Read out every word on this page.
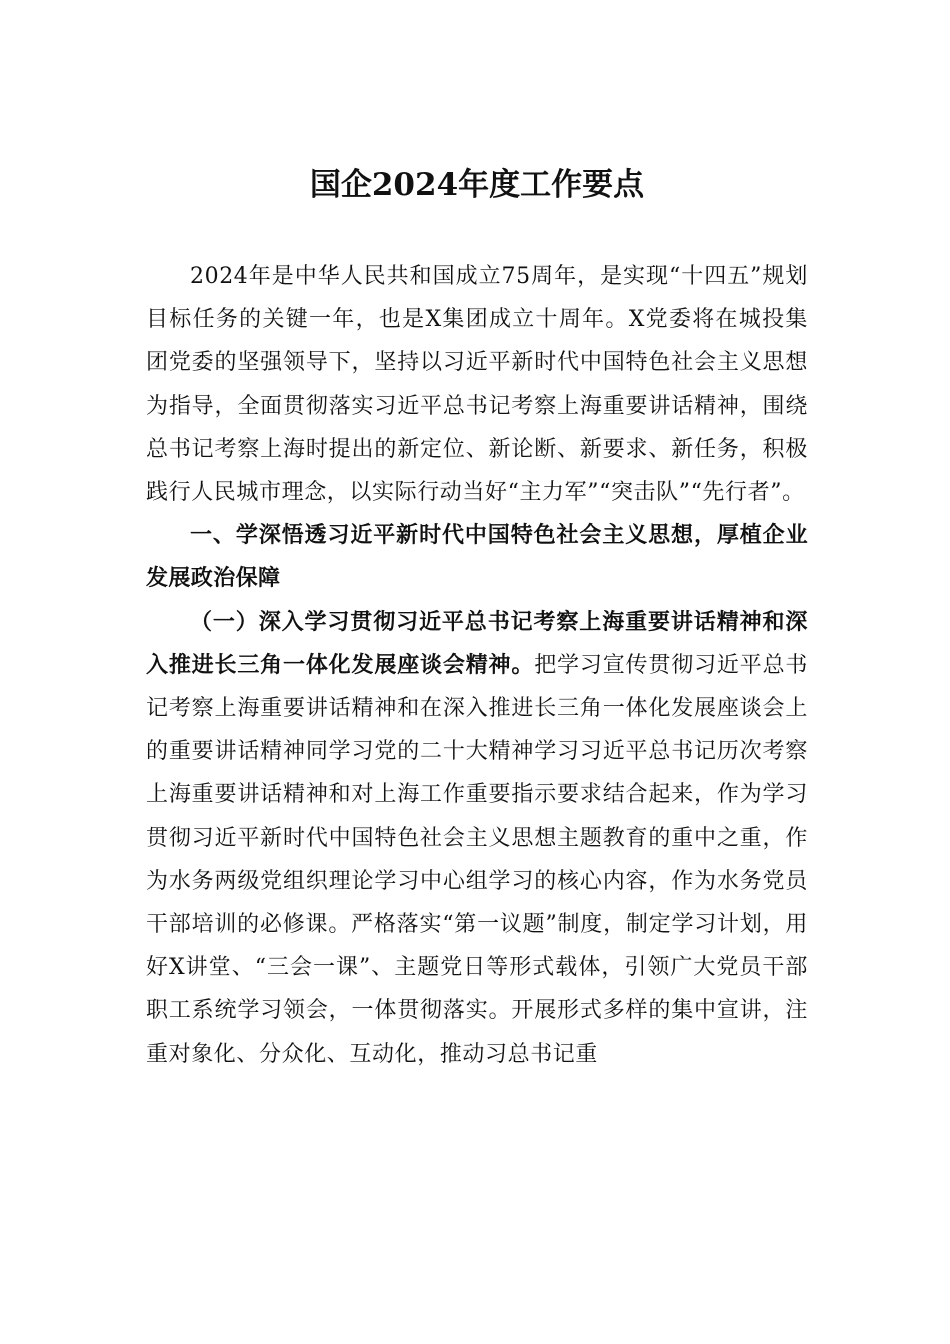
国企2024年度工作要点

2024年是中华人民共和国成立75周年，是实现“十四五”规划目标任务的关键一年，也是X集团成立十周年。X党委将在城投集团党委的坚强领导下，坚持以习近平新时代中国特色社会主义思想为指导，全面贯彻落实习近平总书记考察上海重要讲话精神，围绕总书记考察上海时提出的新定位、新论断、新要求、新任务，积极践行人民城市理念，以实际行动当好“主力军”“突击队”“先行者”。

一、学深悟透习近平新时代中国特色社会主义思想，厚植企业发展政治保障

（一）深入学习贯彻习近平总书记考察上海重要讲话精神和深入推进长三角一体化发展座谈会精神。把学习宣传贯彻习近平总书记考察上海重要讲话精神和在深入推进长三角一体化发展座谈会上的重要讲话精神同学习党的二十大精神学习习近平总书记历次考察上海重要讲话精神和对上海工作重要指示要求结合起来，作为学习贯彻习近平新时代中国特色社会主义思想主题教育的重中之重，作为水务两级党组织理论学习中心组学习的核心内容，作为水务党员干部培训的必修课。严格落实“第一议题”制度，制定学习计划，用好X讲堂、“三会一课”、主题党日等形式载体，引领广大党员干部职工系统学习领会，一体贯彻落实。开展形式多样的集中宣讲，注重对象化、分众化、互动化，推动习总书记重
